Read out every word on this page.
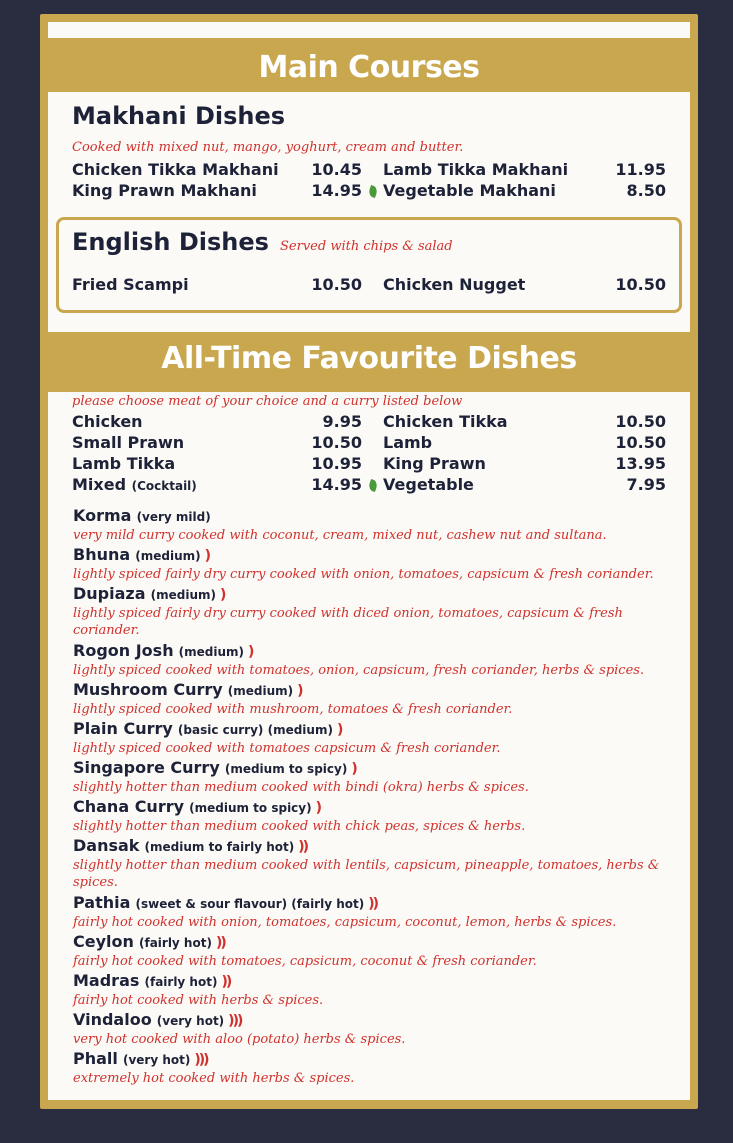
Main Courses
Makhani Dishes
Cooked with mixed nut, mango, yoghurt, cream and butter.
Chicken Tikka Makhani 10.45 Lamb Tikka Makhani	11.95
King Prawn Makhani	14.95 Vegetable Makhani	8.50
English Dishes Served with chips & salad
Fried Scampi	10.50 Chicken Nugget	10.50
All-Time Favourite Dishes
please choose meat of your choice and a curry listed below
Chicken	9.95 Chicken Tikka	10.50
Small Prawn	10.50 Lamb	10.50
Lamb Tikka	10.95 King Prawn	13.95
Mixed (Cocktail)	14.95 Vegetable	7.95
Korma (very mild)
very mild curry cooked with coconut, cream, mixed nut, cashew nut and sultana.
Bhuna (medium) )
lightly spiced fairly dry curry cooked with onion, tomatoes, capsicum & fresh coriander.
Dupiaza (medium) )
lightly spiced fairly dry curry cooked with diced onion, tomatoes, capsicum & fresh coriander.
Rogon Josh (medium) )
lightly spiced cooked with tomatoes, onion, capsicum, fresh coriander, herbs & spices.
Mushroom Curry (medium) )
lightly spiced cooked with mushroom, tomatoes & fresh coriander.
Plain Curry (basic curry) (medium) )
lightly spiced cooked with tomatoes capsicum & fresh coriander.
Singapore Curry (medium to spicy) )
slightly hotter than medium cooked with bindi (okra) herbs & spices.
Chana Curry (medium to spicy) )
slightly hotter than medium cooked with chick peas, spices & herbs.
Dansak (medium to fairly hot) ))
slightly hotter than medium cooked with lentils, capsicum, pineapple, tomatoes, herbs & spices.
Pathia (sweet & sour flavour) (fairly hot) ))
fairly hot cooked with onion, tomatoes, capsicum, coconut, lemon, herbs & spices.
Ceylon (fairly hot) ))
fairly hot cooked with tomatoes, capsicum, coconut & fresh coriander.
Madras (fairly hot) ))
fairly hot cooked with herbs & spices.
Vindaloo (very hot) )))
very hot cooked with aloo (potato) herbs & spices.
Phall (very hot) )))
extremely hot cooked with herbs & spices.
